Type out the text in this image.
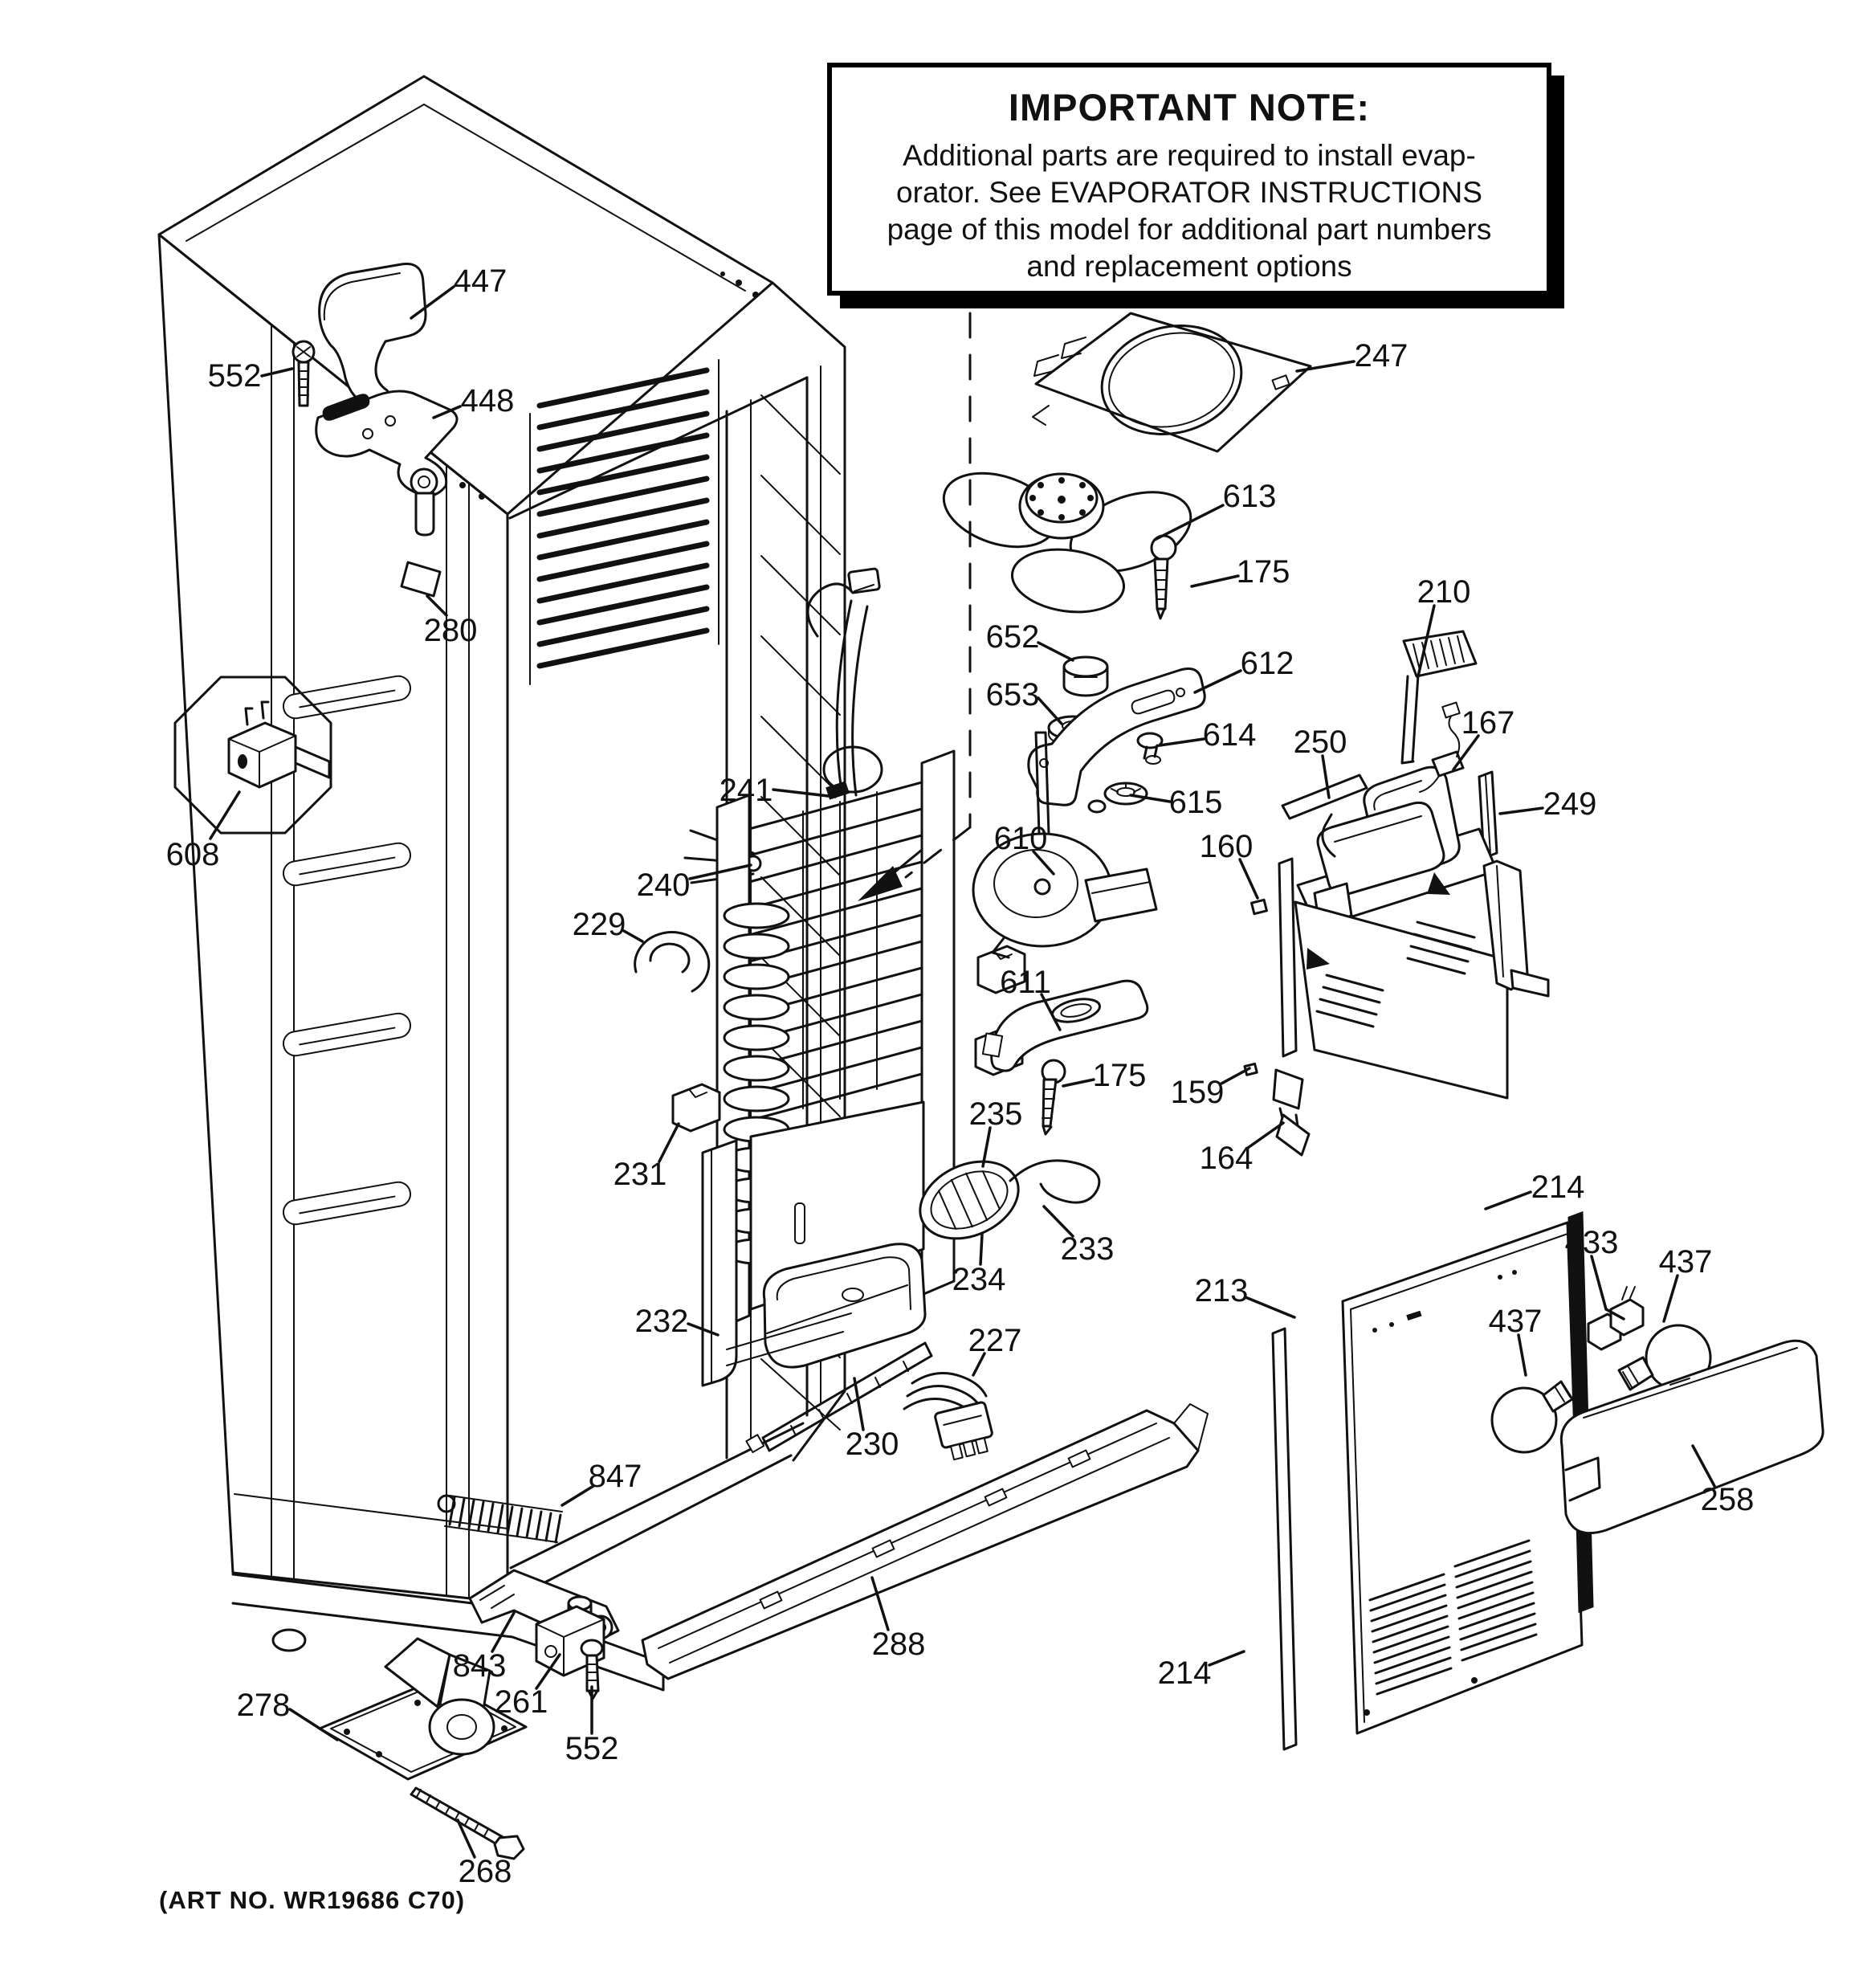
447
552
448
280
608
241
240
229
231
232
235
233
234
227
230
247
613
175
652
653
612
614
615
610
611
175
210
250
167
249
160
159
164
214
213
433
437
437
258
214
847
843
261
552
278
268
288
IMPORTANT NOTE:
Additional parts are required to install evap-
orator. See EVAPORATOR INSTRUCTIONS
page of this model for additional part numbers
and replacement options
(ART NO. WR19686 C70)
